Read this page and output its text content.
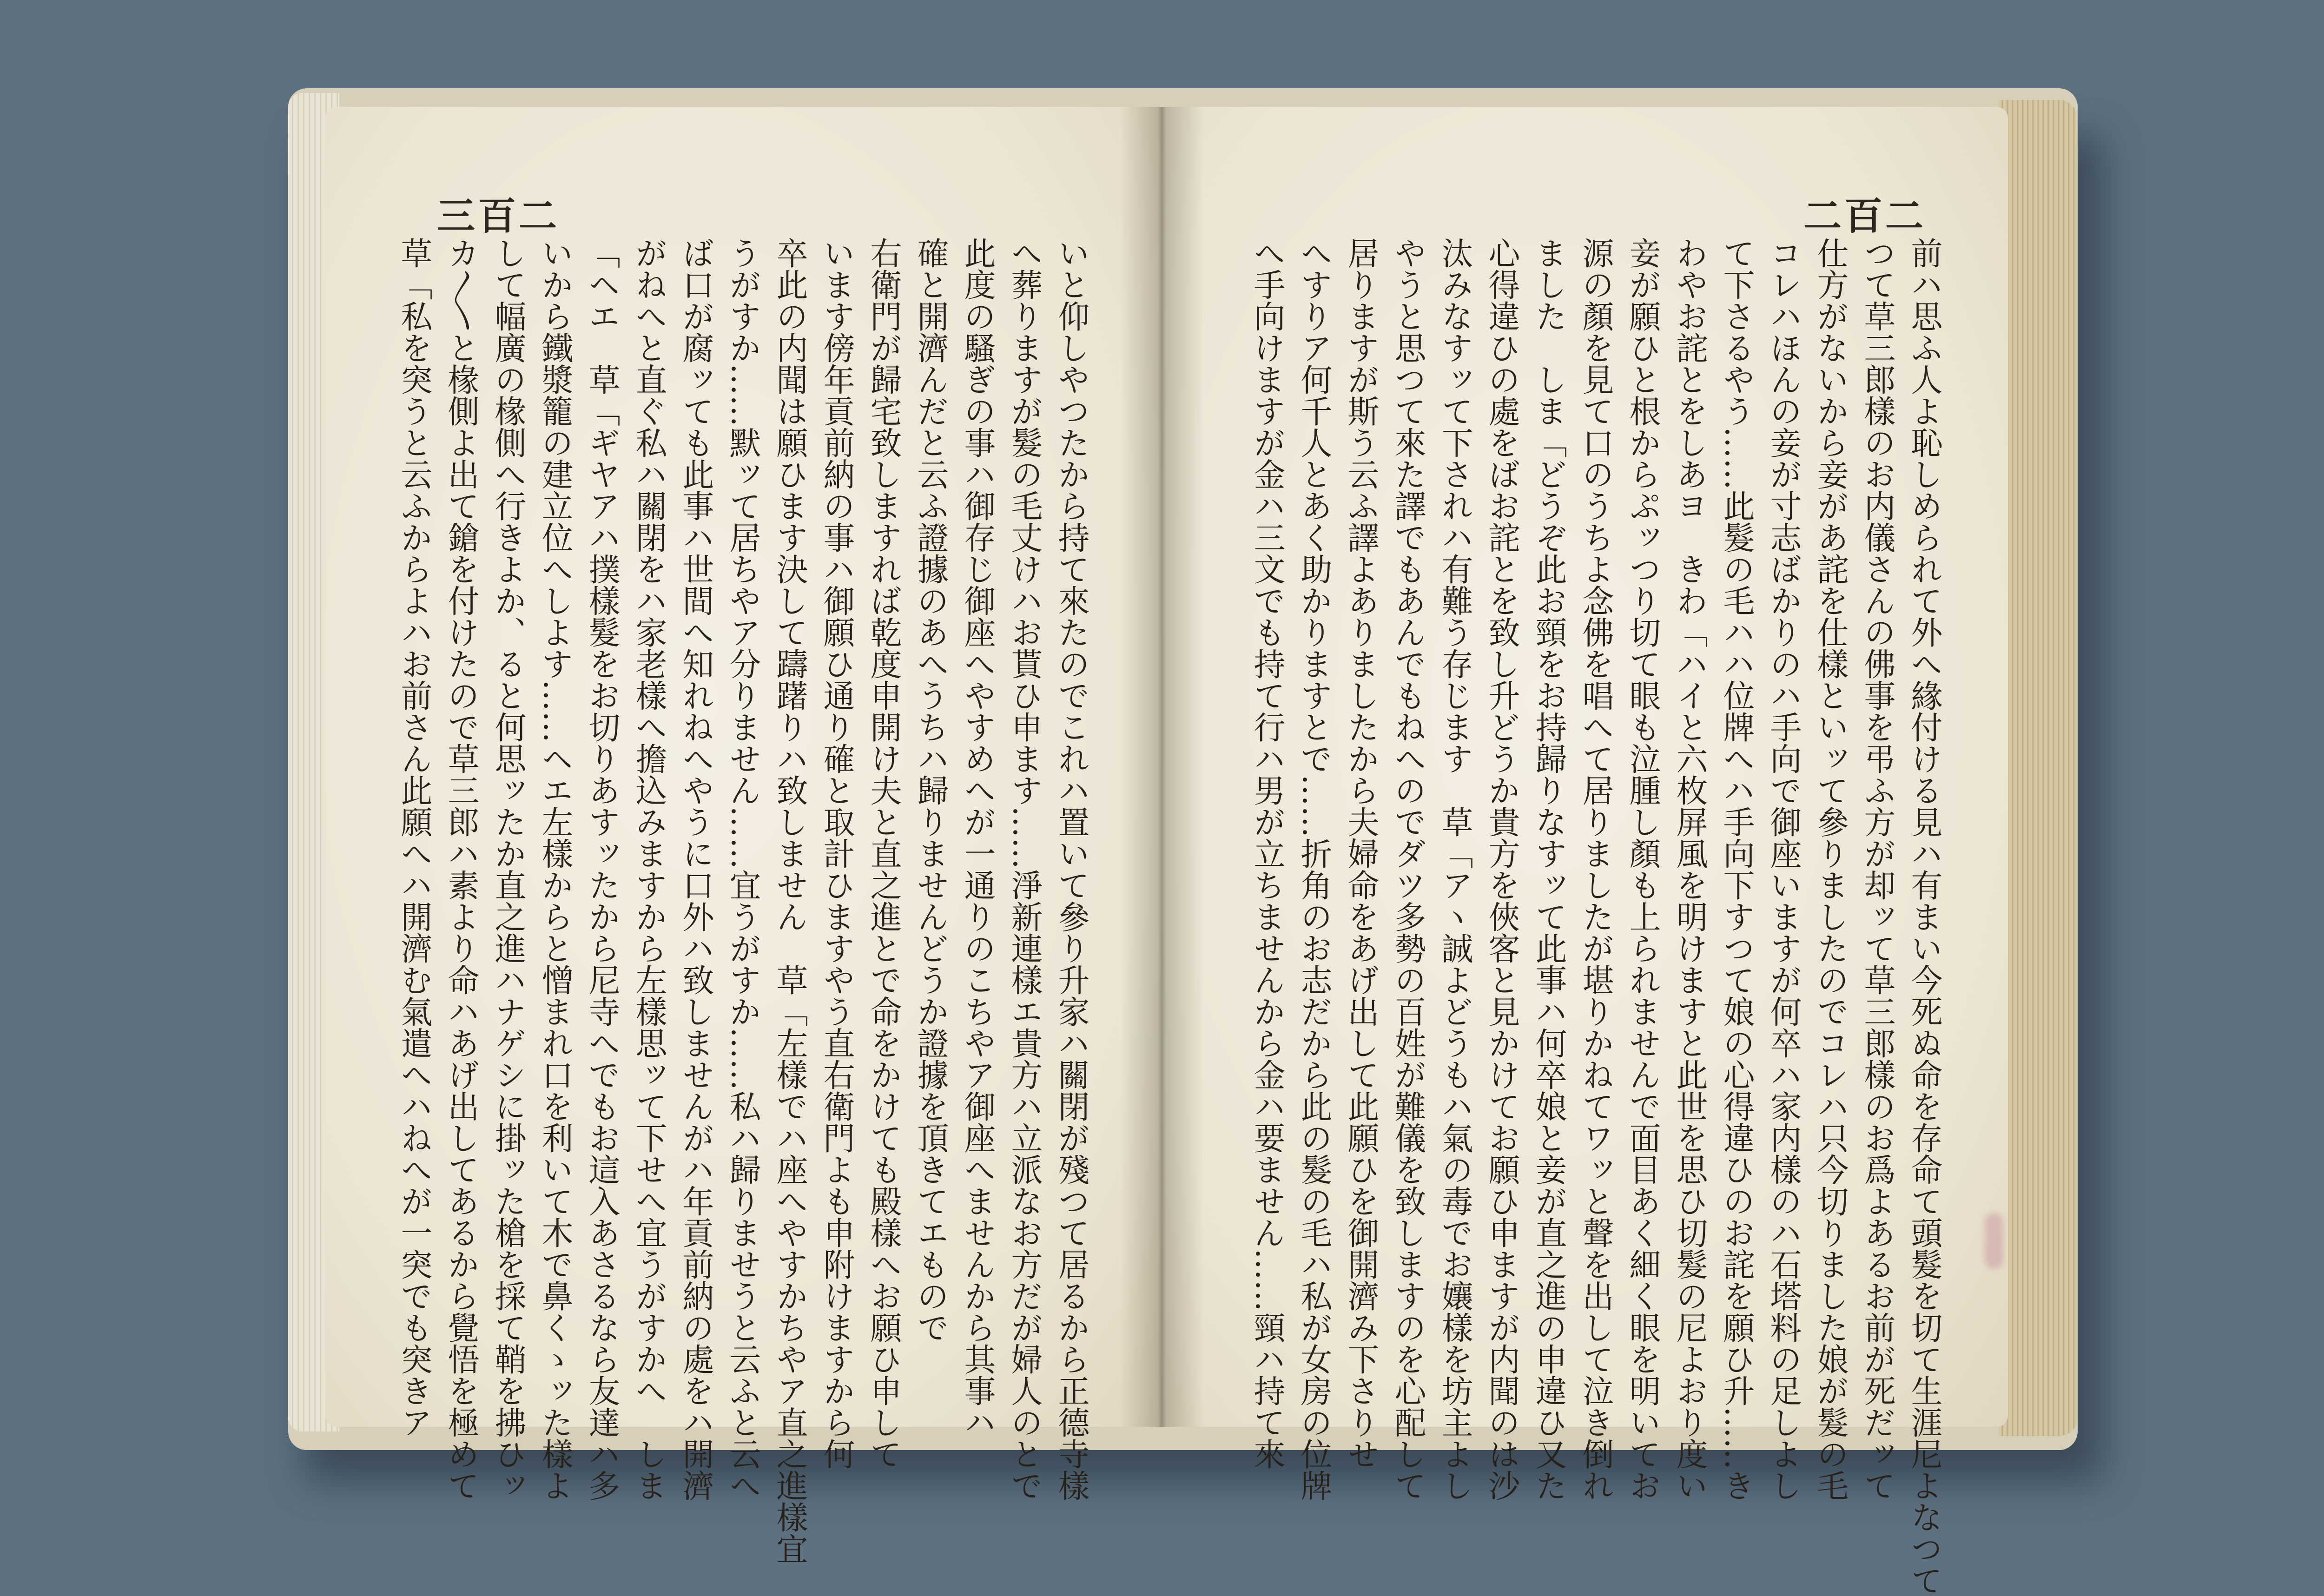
三百二	二百二
いと仰しやつたから持て來たのでこれハ置いて參り升家ハ關閉が殘つて居るから正德寺樣
へ葬りますが髮の毛丈けハお貰ひ申ます……淨新連樣エ貴方ハ立派なお方だが婦人のとで
此度の騷ぎの事ハ御存じ御座へやすめへが一通りのこちやア御座へませんから其事ハ
確と開濟んだと云ふ證據のあへうちハ歸りませんどうか證據を頂きてエもので
右衛門が歸宅致しますれば乾度申開け夫と直之進とで命をかけても殿樣へお願ひ申して
います傍年貢前納の事ハ御願ひ通り確と取計ひますやう直右衛門よも申附けますから何
卒此の内聞は願ひます決して躊躇りハ致しません　草「左樣でハ座へやすかちやア直之進樣宜
うがすか……默ッて居ちやア分りません……宜うがすか……私ハ歸りませうと云ふと云へ
ば口が腐ッても此事ハ世間へ知れねへやうに口外ハ致しませんがハ年貢前納の處をハ開濟
がねへと直ぐ私ハ關閉をハ家老樣へ擔込みますから左樣思ッて下せへ宜うがすかへ　しま
「ヘエ　草「ギヤアハ撲樣髮をお切りあすッたから尼寺へでもお這入あさるなら友達ハ多
いから鐵漿籠の建立位へしよす……ヘエ左樣からと憎まれ口を利いて木で鼻くゝッた樣よ
して幅廣の椽側へ行きよか、ると何思ッたか直之進ハナゲシに掛ッた槍を採て鞘を拂ひッ
カ〳〵と椽側よ出て鎗を付けたので草三郎ハ素より命ハあげ出してあるから覺悟を極めて
草「私を突うと云ふからよハお前さん此願へハ開濟む氣遣へハねへが一突でも突きア	前ハ思ふ人よ恥しめられて外へ緣付ける見ハ有まい今死ぬ命を存命て頭髮を切て生涯尼よなつて
つて草三郎樣のお内儀さんの佛事を弔ふ方が却ッて草三郎樣のお爲よあるお前が死だッて
仕方がないから妾があ詫を仕樣といッて參りましたのでコレハ只今切りました娘が髮の毛
コレハほんの妾が寸志ばかりのハ手向で御座いますが何卒ハ家内樣のハ石塔料の足しよし
て下さるやう……此髮の毛ハハ位牌へハ手向下すつて娘の心得違ひのお詫を願ひ升……き
わやお詫とをしあヨ　きわ「ハイと六枚屏風を明けますと此世を思ひ切髮の尼よおり度い
妾が願ひと根からぷッつり切て眼も泣腫し顏も上られませんで面目あく細く眼を明いてお
源の顏を見て口のうちよ念佛を唱へて居りましたが堪りかねてワッと聲を出して泣き倒れ
ました　しま「どうぞ此お頸をお持歸りなすッて此事ハ何卒娘と妾が直之進の申違ひ又た
心得違ひの處をばお詫とを致し升どうか貴方を俠客と見かけてお願ひ申ますが内聞のは沙
汰みなすッて下されハ有難う存じます　草「アヽ誠よどうもハ氣の毒でお孃樣を坊主よし
やうと思つて來た譯でもあんでもねへのでダツ多勢の百姓が難儀を致しますのを心配して
居りますが斯う云ふ譯よありましたから夫婦命をあげ出して此願ひを御開濟み下さりせ
へすりア何千人とあく助かりますとで……折角のお志だから此の髮の毛ハ私が女房の位牌
へ手向けますが金ハ三文でも持て行ハ男が立ちませんから金ハ要ません……頸ハ持て來
